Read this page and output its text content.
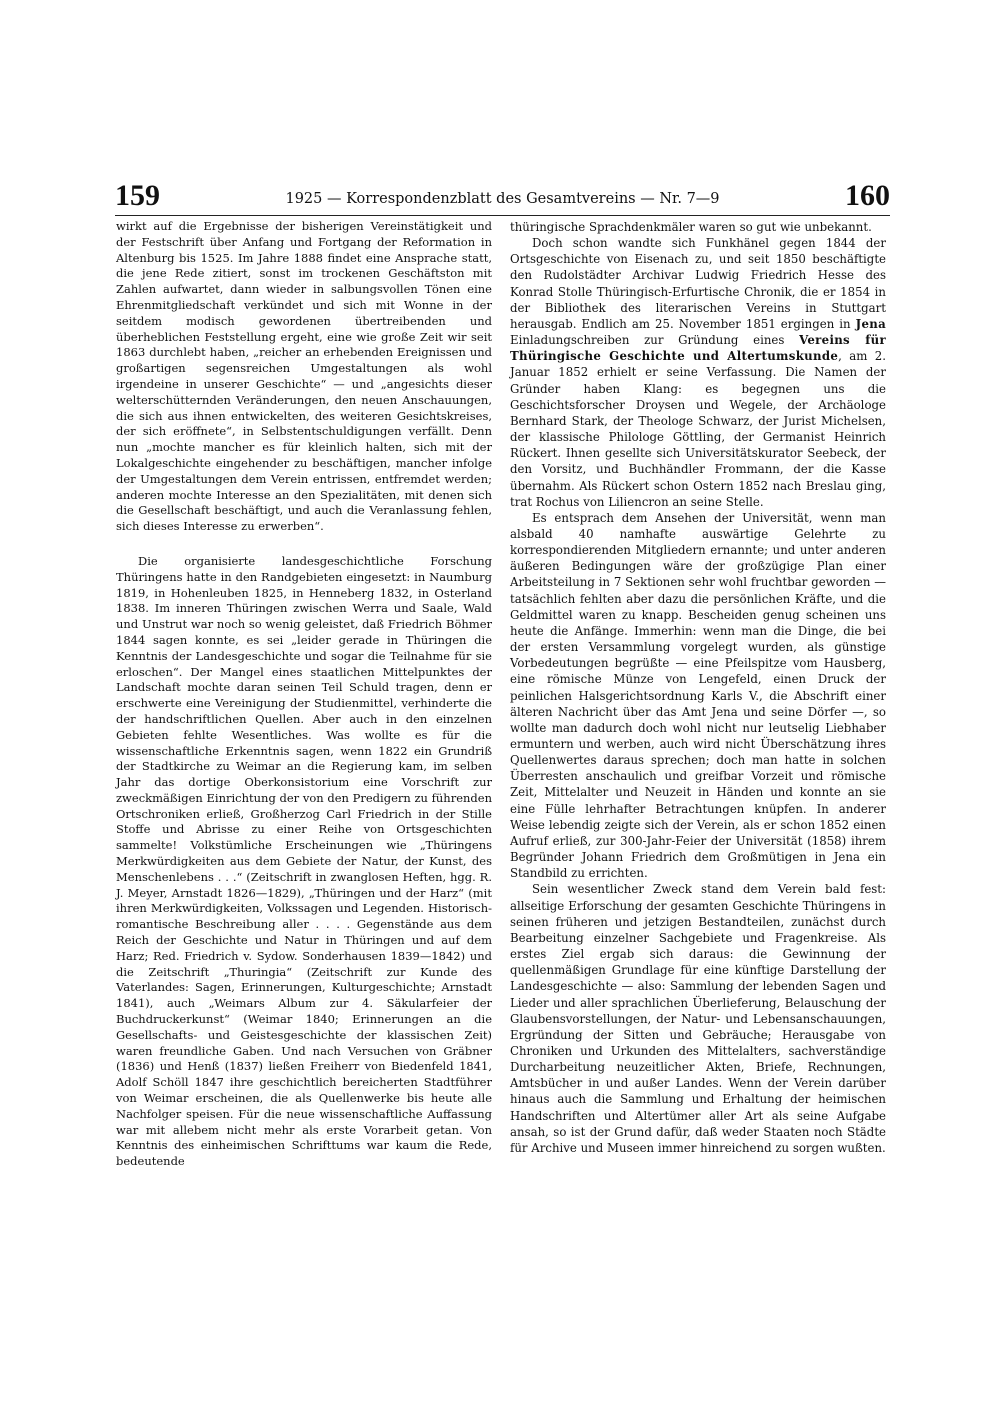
159	1925 — Korrespondenzblatt des Gesamtvereins — Nr. 7—9	160

wirkt auf die Ergebnisse der bisherigen Vereinstätigkeit und der Festschrift über Anfang und Fortgang der Reformation in Altenburg bis 1525. Im Jahre 1888 findet eine Ansprache statt, die jene Rede zitiert, sonst im trockenen Geschäftston mit Zahlen aufwartet, dann wieder in salbungsvollen Tönen eine Ehrenmitgliedschaft verkündet und sich mit Wonne in der seitdem modisch gewordenen übertreibenden und überheblichen Feststellung ergeht, eine wie große Zeit wir seit 1863 durchlebt haben, „reicher an erhebenden Ereignissen und großartigen segensreichen Umgestaltungen als wohl irgendeine in unserer Geschichte“ — und „angesichts dieser welterschütternden Veränderungen, den neuen Anschauungen, die sich aus ihnen entwickelten, des weiteren Gesichtskreises, der sich eröffnete“, in Selbstentschuldigungen verfällt. Denn nun „mochte mancher es für kleinlich halten, sich mit der Lokalgeschichte eingehender zu beschäftigen, mancher infolge der Umgestaltungen dem Verein entrissen, entfremdet werden; anderen mochte Interesse an den Spezialitäten, mit denen sich die Gesellschaft beschäftigt, und auch die Veranlassung fehlen, sich dieses Interesse zu erwerben“.

Die organisierte landesgeschichtliche Forschung Thüringens hatte in den Randgebieten eingesetzt: in Naumburg 1819, in Hohenleuben 1825, in Henneberg 1832, in Osterland 1838. Im inneren Thüringen zwischen Werra und Saale, Wald und Unstrut war noch so wenig geleistet, daß Friedrich Böhmer 1844 sagen konnte, es sei „leider gerade in Thüringen die Kenntnis der Landesgeschichte und sogar die Teilnahme für sie erloschen“. Der Mangel eines staatlichen Mittelpunktes der Landschaft mochte daran seinen Teil Schuld tragen, denn er erschwerte eine Vereinigung der Studienmittel, verhinderte die der handschriftlichen Quellen. Aber auch in den einzelnen Gebieten fehlte Wesentliches. Was wollte es für die wissenschaftliche Erkenntnis sagen, wenn 1822 ein Grundriß der Stadtkirche zu Weimar an die Regierung kam, im selben Jahr das dortige Oberkonsistorium eine Vorschrift zur zweckmäßigen Einrichtung der von den Predigern zu führenden Ortschroniken erließ, Großherzog Carl Friedrich in der Stille Stoffe und Abrisse zu einer Reihe von Ortsgeschichten sammelte! Volkstümliche Erscheinungen wie „Thüringens Merkwürdigkeiten aus dem Gebiete der Natur, der Kunst, des Menschenlebens . . .“ (Zeitschrift in zwanglosen Heften, hgg. R. J. Meyer, Arnstadt 1826—1829), „Thüringen und der Harz“ (mit ihren Merkwürdigkeiten, Volkssagen und Legenden. Historisch-romantische Beschreibung aller . . . . Gegenstände aus dem Reich der Geschichte und Natur in Thüringen und auf dem Harz; Red. Friedrich v. Sydow. Sonderhausen 1839—1842) und die Zeitschrift „Thuringia“ (Zeitschrift zur Kunde des Vaterlandes: Sagen, Erinnerungen, Kulturgeschichte; Arnstadt 1841), auch „Weimars Album zur 4. Säkularfeier der Buchdruckerkunst“ (Weimar 1840; Erinnerungen an die Gesellschafts- und Geistesgeschichte der klassischen Zeit) waren freundliche Gaben. Und nach Versuchen von Gräbner (1836) und Henß (1837) ließen Freiherr von Biedenfeld 1841, Adolf Schöll 1847 ihre geschichtlich bereicherten Stadtführer von Weimar erscheinen, die als Quellenwerke bis heute alle Nachfolger speisen. Für die neue wissenschaftliche Auffassung war mit allebem nicht mehr als erste Vorarbeit getan. Von Kenntnis des einheimischen Schrifttums war kaum die Rede, bedeutende

thüringische Sprachdenkmäler waren so gut wie unbekannt.

Doch schon wandte sich Funkhänel gegen 1844 der Ortsgeschichte von Eisenach zu, und seit 1850 beschäftigte den Rudolstädter Archivar Ludwig Friedrich Hesse des Konrad Stolle Thüringisch-Erfurtische Chronik, die er 1854 in der Bibliothek des literarischen Vereins in Stuttgart herausgab. Endlich am 25. November 1851 ergingen in Jena Einladungschreiben zur Gründung eines Vereins für Thüringische Geschichte und Altertumskunde, am 2. Januar 1852 erhielt er seine Verfassung. Die Namen der Gründer haben Klang: es begegnen uns die Geschichtsforscher Droysen und Wegele, der Archäologe Bernhard Stark, der Theologe Schwarz, der Jurist Michelsen, der klassische Philologe Göttling, der Germanist Heinrich Rückert. Ihnen gesellte sich Universitätskurator Seebeck, der den Vorsitz, und Buchhändler Frommann, der die Kasse übernahm. Als Rückert schon Ostern 1852 nach Breslau ging, trat Rochus von Liliencron an seine Stelle.

Es entsprach dem Ansehen der Universität, wenn man alsbald 40 namhafte auswärtige Gelehrte zu korrespondierenden Mitgliedern ernannte; und unter anderen äußeren Bedingungen wäre der großzügige Plan einer Arbeitsteilung in 7 Sektionen sehr wohl fruchtbar geworden — tatsächlich fehlten aber dazu die persönlichen Kräfte, und die Geldmittel waren zu knapp. Bescheiden genug scheinen uns heute die Anfänge. Immerhin: wenn man die Dinge, die bei der ersten Versammlung vorgelegt wurden, als günstige Vorbedeutungen begrüßte — eine Pfeilspitze vom Hausberg, eine römische Münze von Lengefeld, einen Druck der peinlichen Halsgerichtsordnung Karls V., die Abschrift einer älteren Nachricht über das Amt Jena und seine Dörfer —, so wollte man dadurch doch wohl nicht nur leutselig Liebhaber ermuntern und werben, auch wird nicht Überschätzung ihres Quellenwertes daraus sprechen; doch man hatte in solchen Überresten anschaulich und greifbar Vorzeit und römische Zeit, Mittelalter und Neuzeit in Händen und konnte an sie eine Fülle lehrhafter Betrachtungen knüpfen. In anderer Weise lebendig zeigte sich der Verein, als er schon 1852 einen Aufruf erließ, zur 300-Jahr-Feier der Universität (1858) ihrem Begründer Johann Friedrich dem Großmütigen in Jena ein Standbild zu errichten.

Sein wesentlicher Zweck stand dem Verein bald fest: allseitige Erforschung der gesamten Geschichte Thüringens in seinen früheren und jetzigen Bestandteilen, zunächst durch Bearbeitung einzelner Sachgebiete und Fragenkreise. Als erstes Ziel ergab sich daraus: die Gewinnung der quellenmäßigen Grundlage für eine künftige Darstellung der Landesgeschichte — also: Sammlung der lebenden Sagen und Lieder und aller sprachlichen Überlieferung, Belauschung der Glaubensvorstellungen, der Natur- und Lebensanschauungen, Ergründung der Sitten und Gebräuche; Herausgabe von Chroniken und Urkunden des Mittelalters, sachverständige Durcharbeitung neuzeitlicher Akten, Briefe, Rechnungen, Amtsbücher in und außer Landes. Wenn der Verein darüber hinaus auch die Sammlung und Erhaltung der heimischen Handschriften und Altertümer aller Art als seine Aufgabe ansah, so ist der Grund dafür, daß weder Staaten noch Städte für Archive und Museen immer hinreichend zu sorgen wußten.
